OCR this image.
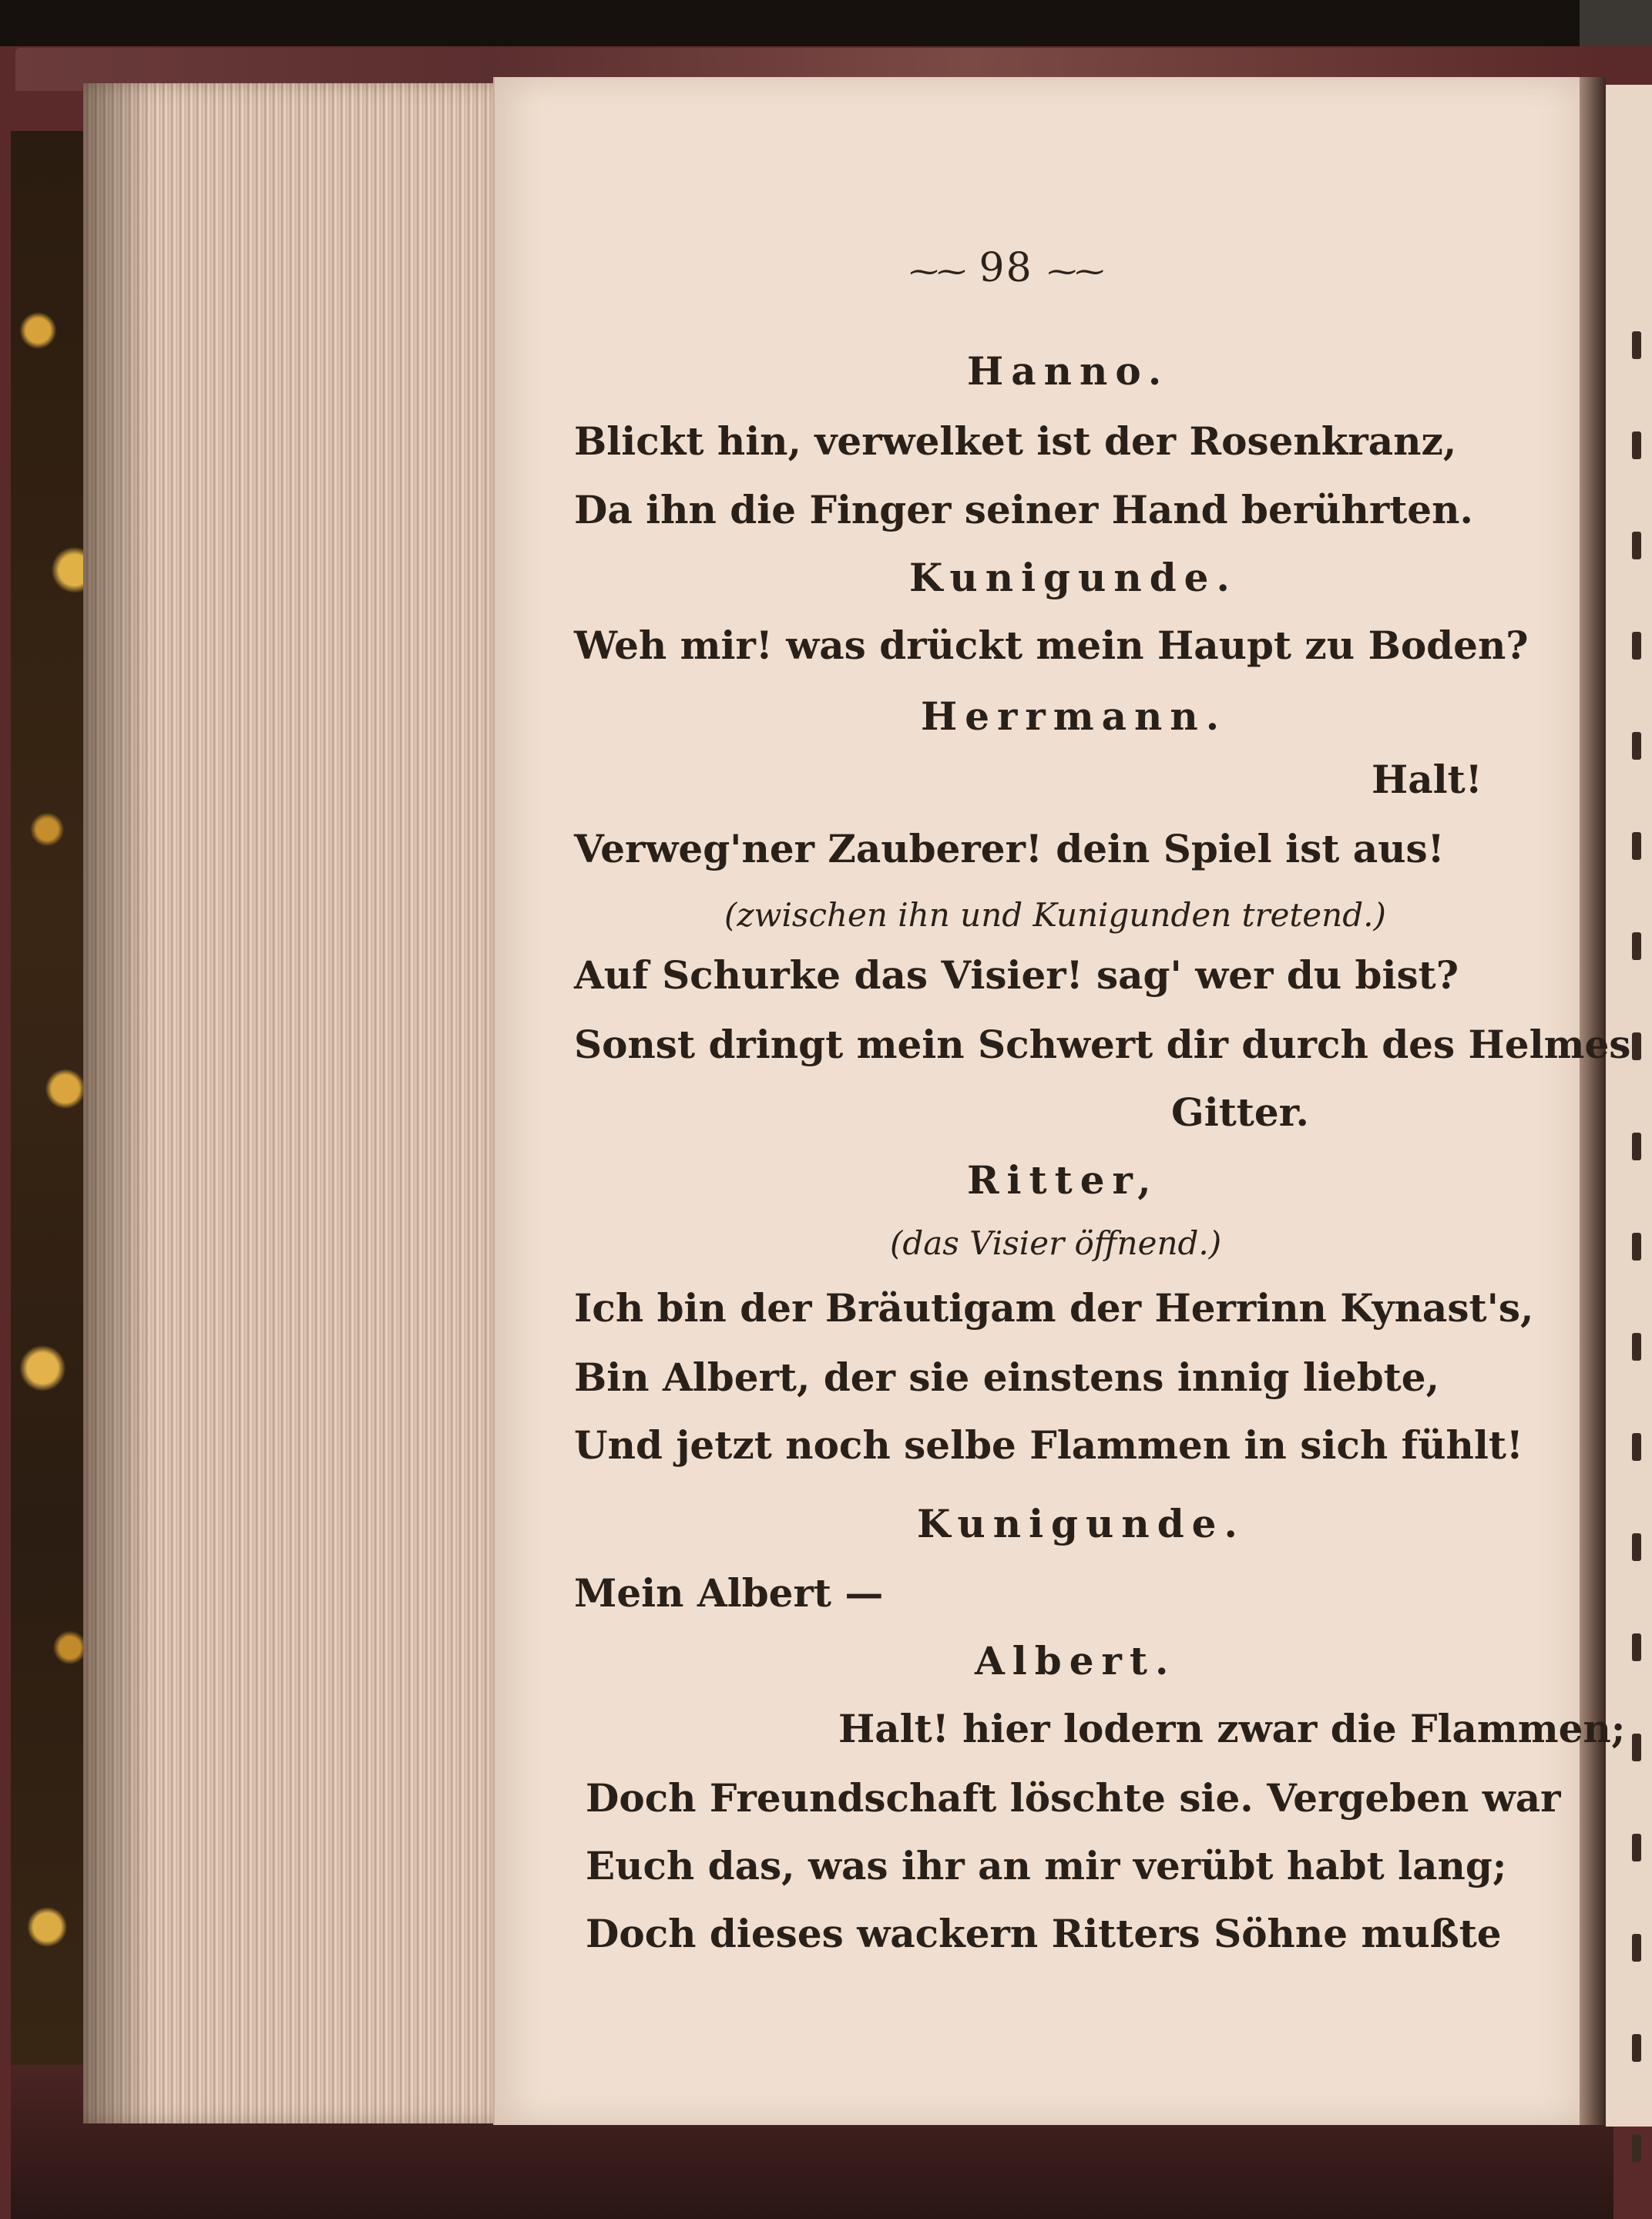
⁓⁓ 98 ⁓⁓
Hanno.
Blickt hin, verwelket ist der Rosenkranz,
Da ihn die Finger seiner Hand berührten.
Kunigunde.
Weh mir! was drückt mein Haupt zu Boden?
Herrmann.
Halt!
Verweg'ner Zauberer! dein Spiel ist aus!
(zwischen ihn und Kunigunden tretend.)
Auf Schurke das Visier! sag' wer du bist?
Sonst dringt mein Schwert dir durch des Helmes
Gitter.
Ritter,
(das Visier öffnend.)
Ich bin der Bräutigam der Herrinn Kynast's,
Bin Albert, der sie einstens innig liebte,
Und jetzt noch selbe Flammen in sich fühlt!
Kunigunde.
Mein Albert —
Albert.
Halt! hier lodern zwar die Flammen;
Doch Freundschaft löschte sie. Vergeben war
Euch das, was ihr an mir verübt habt lang;
Doch dieses wackern Ritters Söhne mußte
